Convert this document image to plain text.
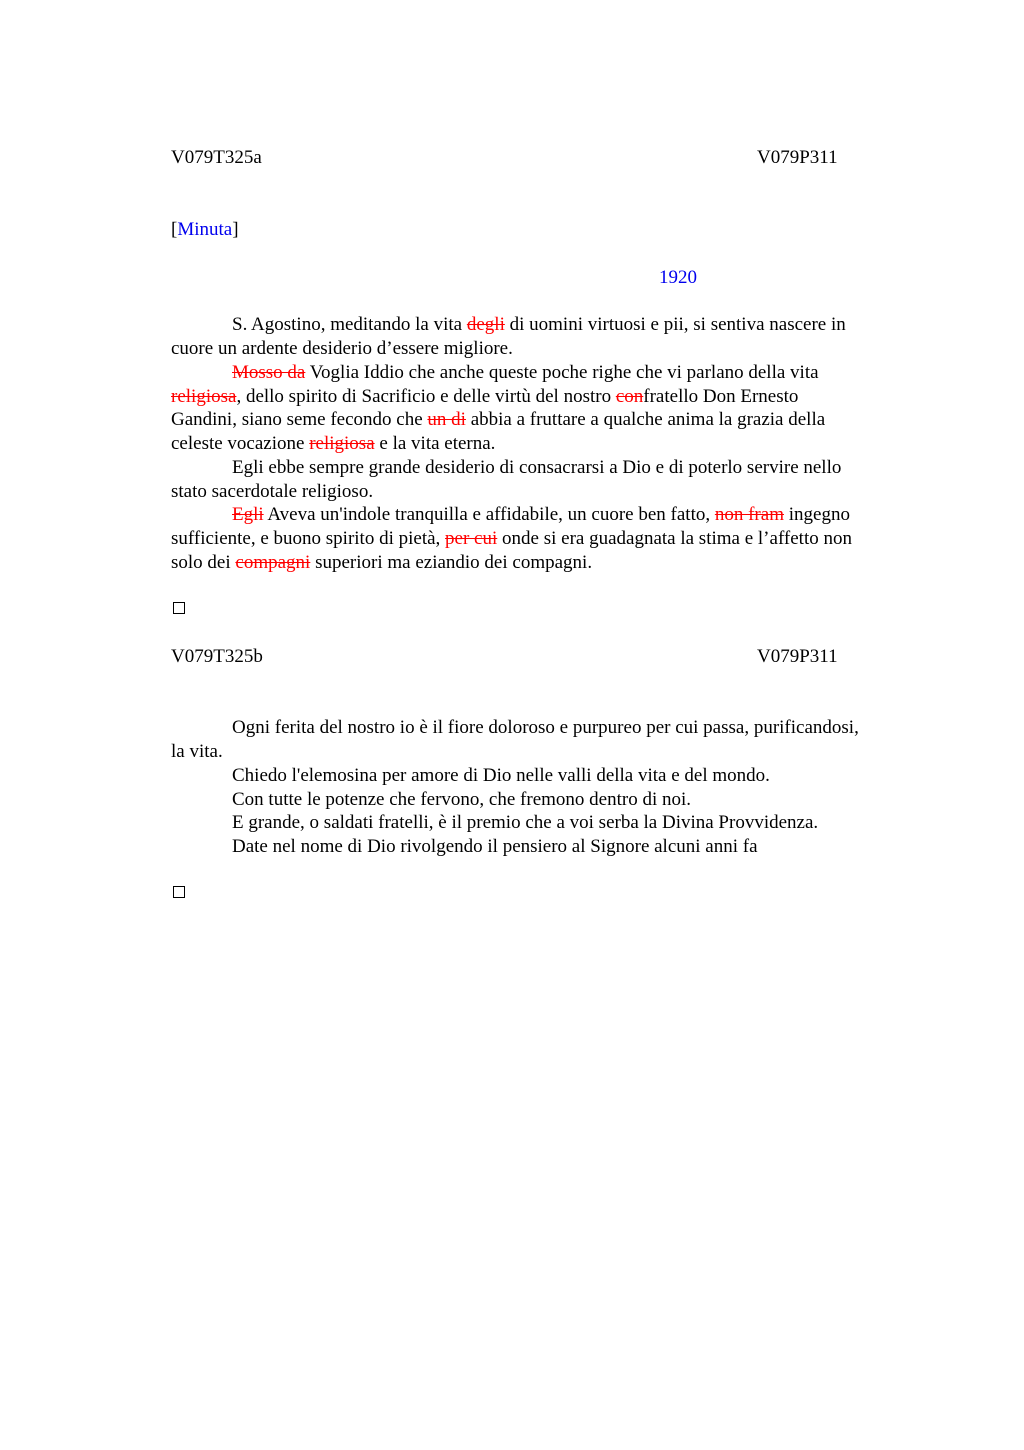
V079T325a	V079P311
[Minuta]
1920
S. Agostino, meditando la vita degli di uomini virtuosi e pii, si sentiva nascere in
cuore un ardente desiderio d’essere migliore.
Mosso da Voglia Iddio che anche queste poche righe che vi parlano della vita
religiosa, dello spirito di Sacrificio e delle virtù del nostro confratello Don Ernesto
Gandini, siano seme fecondo che un di abbia a fruttare a qualche anima la grazia della
celeste vocazione religiosa e la vita eterna.
Egli ebbe sempre grande desiderio di consacrarsi a Dio e di poterlo servire nello
stato sacerdotale religioso.
Egli Aveva un'indole tranquilla e affidabile, un cuore ben fatto, non fram ingegno
sufficiente, e buono spirito di pietà, per cui onde si era guadagnata la stima e l’affetto non
solo dei compagni superiori ma eziandio dei compagni.
V079T325b	V079P311
Ogni ferita del nostro io è il fiore doloroso e purpureo per cui passa, purificandosi,
la vita.
Chiedo l'elemosina per amore di Dio nelle valli della vita e del mondo.
Con tutte le potenze che fervono, che fremono dentro di noi.
E grande, o saldati fratelli, è il premio che a voi serba la Divina Provvidenza.
Date nel nome di Dio rivolgendo il pensiero al Signore alcuni anni fa
